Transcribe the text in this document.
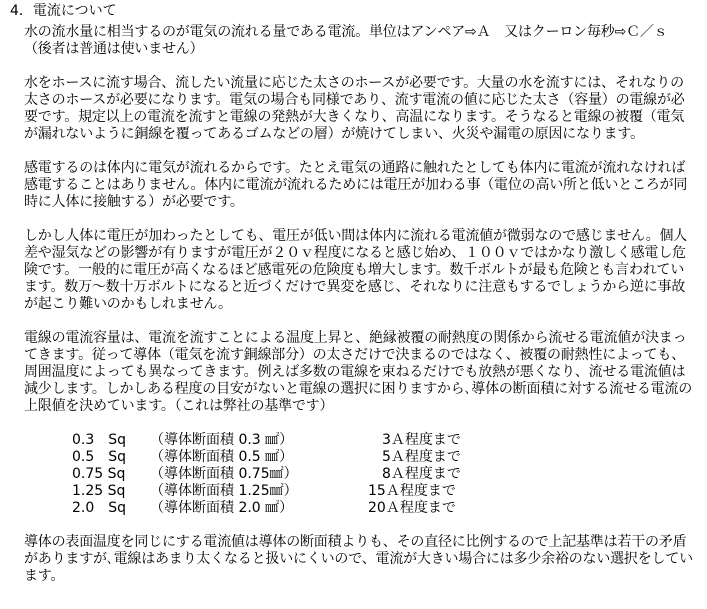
4．電流について

水の流水量に相当するのが電気の流れる量である電流。単位はアンペア⇨Ａ　又はクーロン毎秒⇨Ｃ／ｓ　（後者は普通は使いません）

水をホースに流す場合、流したい流量に応じた太さのホースが必要です。大量の水を流すには、それなりの太さのホースが必要になります。電気の場合も同様であり、流す電流の値に応じた太さ（容量）の電線が必要です。規定以上の電流を流すと電線の発熱が大きくなり、高温になります。そうなると電線の被覆（電気が漏れないように銅線を覆ってあるゴムなどの層）が焼けてしまい、火災や漏電の原因になります。

感電するのは体内に電気が流れるからです。たとえ電気の通路に触れたとしても体内に電流が流れなければ感電することはありません。体内に電流が流れるためには電圧が加わる事（電位の高い所と低いところが同時に人体に接触する）が必要です。

しかし人体に電圧が加わったとしても、電圧が低い間は体内に流れる電流値が微弱なので感じません。個人差や湿気などの影響が有りますが電圧が２０ｖ程度になると感じ始め、１００ｖではかなり激しく感電し危険です。一般的に電圧が高くなるほど感電死の危険度も増大します。数千ボルトが最も危険とも言われています。数万～数十万ボルトになると近づくだけで異変を感じ、それなりに注意もするでしょうから逆に事故が起こり難いのかもしれません。

電線の電流容量は、電流を流すことによる温度上昇と、絶縁被覆の耐熱度の関係から流せる電流値が決まってきます。従って導体（電気を流す銅線部分）の太さだけで決まるのではなく、被覆の耐熱性によっても、周囲温度によっても異なってきます。例えば多数の電線を束ねるだけでも放熱が悪くなり、流せる電流値は減少します。しかしある程度の目安がないと電線の選択に困りますから､導体の断面積に対する流せる電流の上限値を決めています。（これは弊社の基準です）

0.3　Sq	（導体断面積 0.3 ㎟）	　3Ａ程度まで
0.5　Sq	（導体断面積 0.5 ㎟）	　5Ａ程度まで
0.75 Sq	（導体断面積 0.75㎟）	　8Ａ程度まで
1.25 Sq	（導体断面積 1.25㎟）	15Ａ程度まで
2.0　Sq	（導体断面積 2.0 ㎟）	20Ａ程度まで

導体の表面温度を同じにする電流値は導体の断面積よりも、その直径に比例するので上記基準は若干の矛盾がありますが､電線はあまり太くなると扱いにくいので、電流が大きい場合には多少余裕のない選択をしています。
